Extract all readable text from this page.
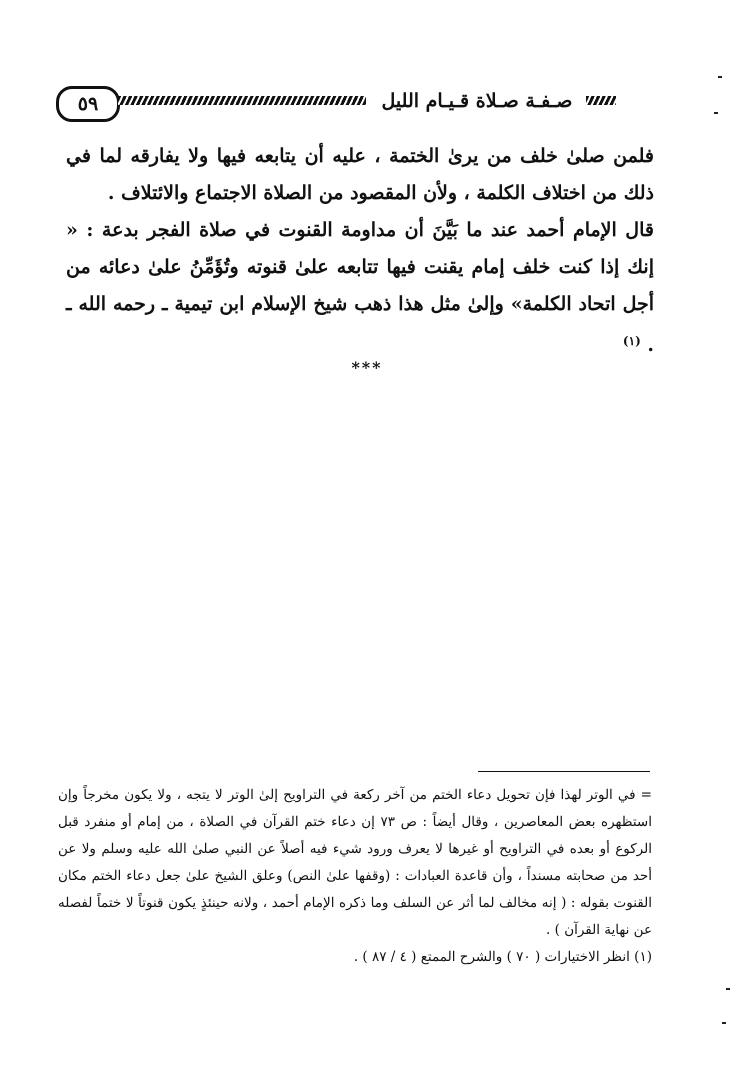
٥٩	صـفـة صـلاة قـيـام الليل

فلمن صلىٰ خلف من يرىٰ الختمة ، عليه أن يتابعه فيها ولا يفارقه لما في ذلك من اختلاف الكلمة ، ولأن المقصود من الصلاة الاجتماع والائتلاف .

قال الإمام أحمد عند ما بَيَّنَ أن مداومة القنوت في صلاة الفجر بدعة : « إنك إذا كنت خلف إمام يقنت فيها تتابعه علىٰ قنوته وتُؤَمِّنُ علىٰ دعائه من أجل اتحاد الكلمة» وإلىٰ مثل هذا ذهب شيخ الإسلام ابن تيمية ـ رحمه الله ـ . $^{(١)}$

***

= في الوتر لهذا فإن تحويل دعاء الختم من آخر ركعة في التراويح إلىٰ الوتر لا يتجه ، ولا يكون مخرجاً وإن استظهره بعض المعاصرين ، وقال أيضاً : ص ٧٣ إن دعاء ختم القرآن في الصلاة ، من إمام أو منفرد قبل الركوع أو بعده في التراويح أو غيرها لا يعرف ورود شيء فيه أصلاً عن النبي صلىٰ الله عليه وسلم ولا عن أحد من صحابته مسنداً ، وأن قاعدة العبادات : (وقفها علىٰ النص) وعلق الشيخ علىٰ جعل دعاء الختم مكان القنوت بقوله : ( إنه مخالف لما أثر عن السلف وما ذكره الإمام أحمد ، ولانه حينئذٍ يكون قنوتاً لا ختماً لفصله عن نهاية القرآن ) .

(١) انظر الاختيارات ( ٧٠ ) والشرح الممتع ( ٤ / ٨٧ ) .
